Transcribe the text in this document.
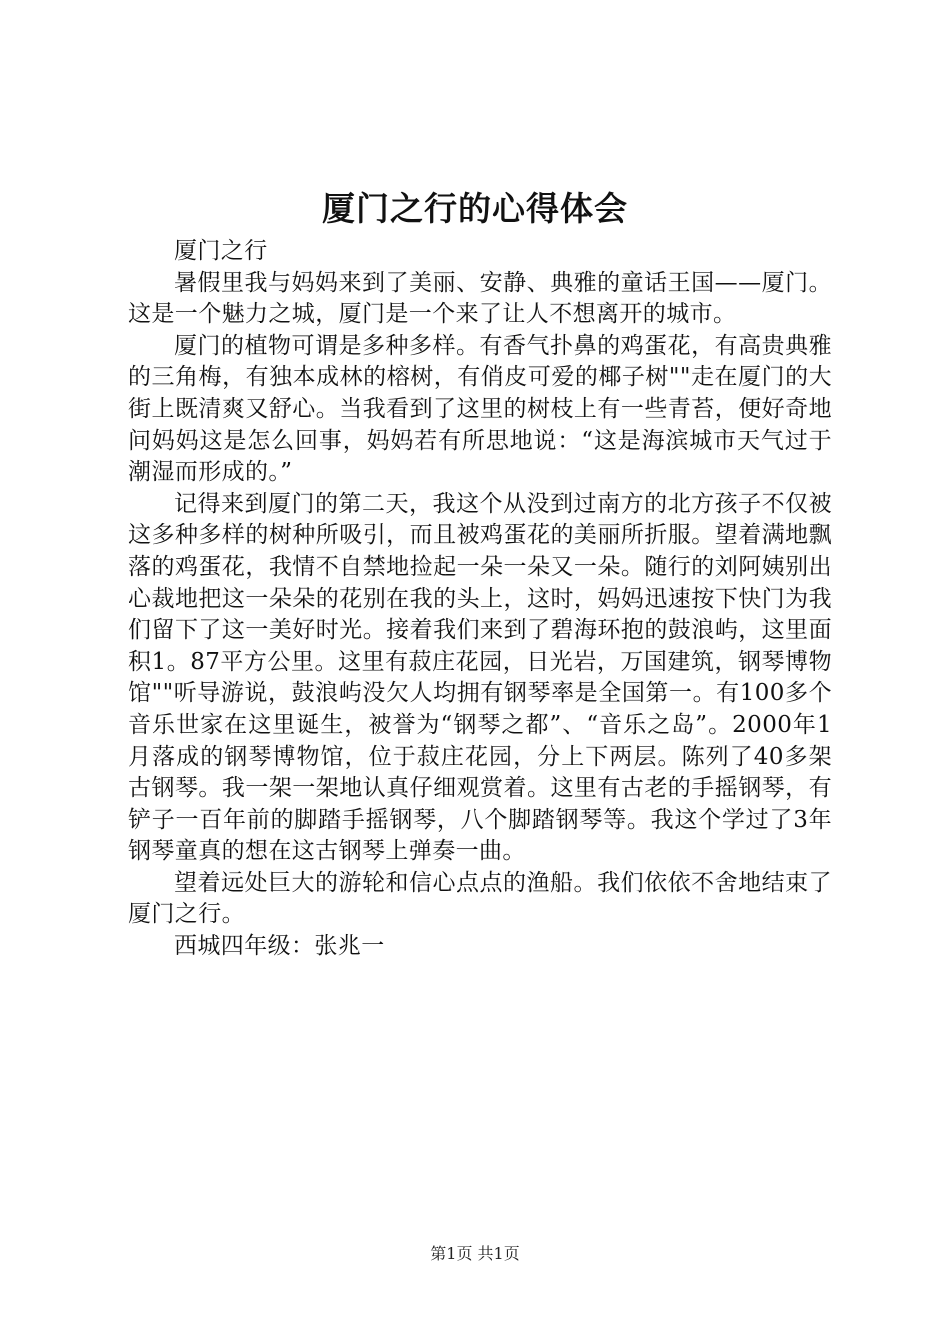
厦门之行的心得体会

厦门之行

暑假里我与妈妈来到了美丽、安静、典雅的童话王国——厦门。这是一个魅力之城，厦门是一个来了让人不想离开的城市。

厦门的植物可谓是多种多样。有香气扑鼻的鸡蛋花，有高贵典雅的三角梅，有独本成林的榕树，有俏皮可爱的椰子树""走在厦门的大街上既清爽又舒心。当我看到了这里的树枝上有一些青苔，便好奇地问妈妈这是怎么回事，妈妈若有所思地说：“这是海滨城市天气过于潮湿而形成的。”

记得来到厦门的第二天，我这个从没到过南方的北方孩子不仅被这多种多样的树种所吸引，而且被鸡蛋花的美丽所折服。望着满地飘落的鸡蛋花，我情不自禁地捡起一朵一朵又一朵。随行的刘阿姨别出心裁地把这一朵朵的花别在我的头上，这时，妈妈迅速按下快门为我们留下了这一美好时光。接着我们来到了碧海环抱的鼓浪屿，这里面积1。87平方公里。这里有菽庄花园，日光岩，万国建筑，钢琴博物馆""听导游说，鼓浪屿没欠人均拥有钢琴率是全国第一。有100多个音乐世家在这里诞生，被誉为“钢琴之都”、“音乐之岛”。2000年1月落成的钢琴博物馆，位于菽庄花园，分上下两层。陈列了40多架古钢琴。我一架一架地认真仔细观赏着。这里有古老的手摇钢琴，有铲子一百年前的脚踏手摇钢琴，八个脚踏钢琴等。我这个学过了3年钢琴童真的想在这古钢琴上弹奏一曲。

望着远处巨大的游轮和信心点点的渔船。我们依依不舍地结束了厦门之行。

西城四年级：张兆一

第1页 共1页
